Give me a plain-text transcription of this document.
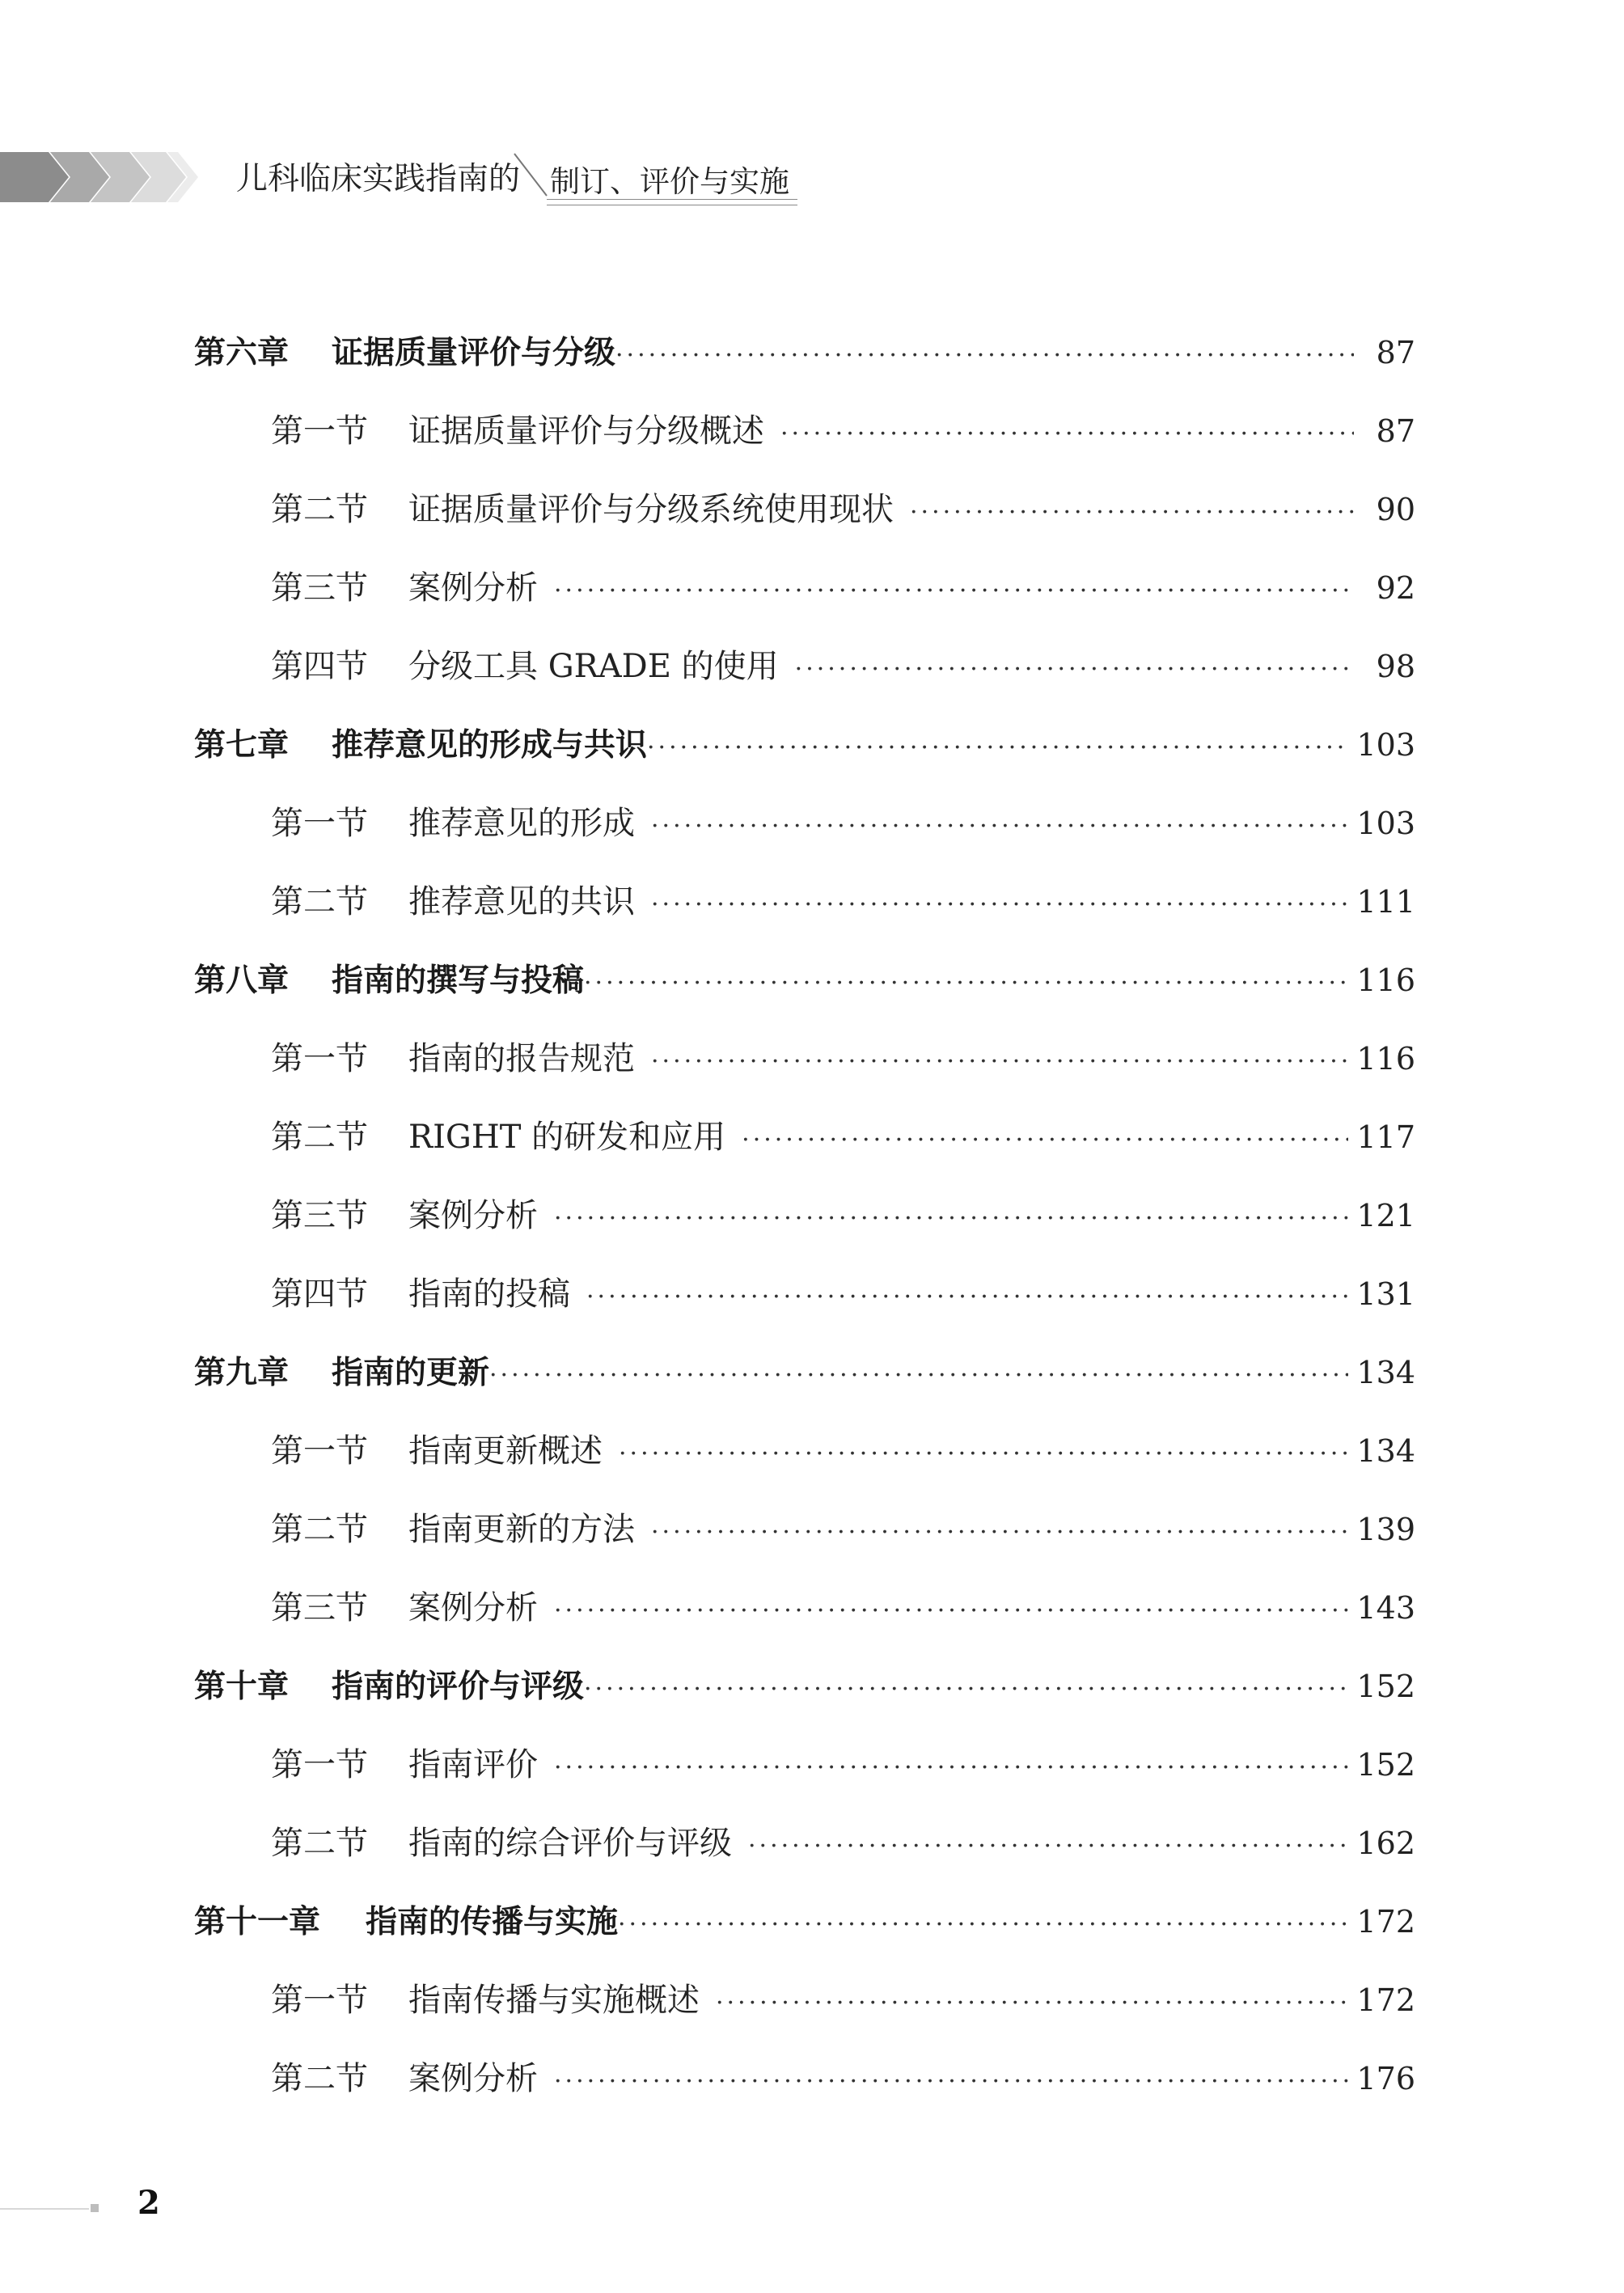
儿科临床实践指南的 制订、评价与实施
第六章	证据质量评价与分级 ·····	87
第一节	证据质量评价与分级概述 ·····	87
第二节	证据质量评价与分级系统使用现状 ·····	90
第三节	案例分析 ·····	92
第四节	分级工具 GRADE 的使用 ·····	98
第七章	推荐意见的形成与共识 ·····	103
第一节	推荐意见的形成 ·····	103
第二节	推荐意见的共识 ·····	111
第八章	指南的撰写与投稿 ·····	116
第一节	指南的报告规范 ·····	116
第二节	RIGHT 的研发和应用 ·····	117
第三节	案例分析 ·····	121
第四节	指南的投稿 ·····	131
第九章	指南的更新 ·····	134
第一节	指南更新概述 ·····	134
第二节	指南更新的方法 ·····	139
第三节	案例分析 ·····	143
第十章	指南的评价与评级 ·····	152
第一节	指南评价 ·····	152
第二节	指南的综合评价与评级 ·····	162
第十一章	指南的传播与实施 ·····	172
第一节	指南传播与实施概述 ·····	172
第二节	案例分析 ·····	176
2
